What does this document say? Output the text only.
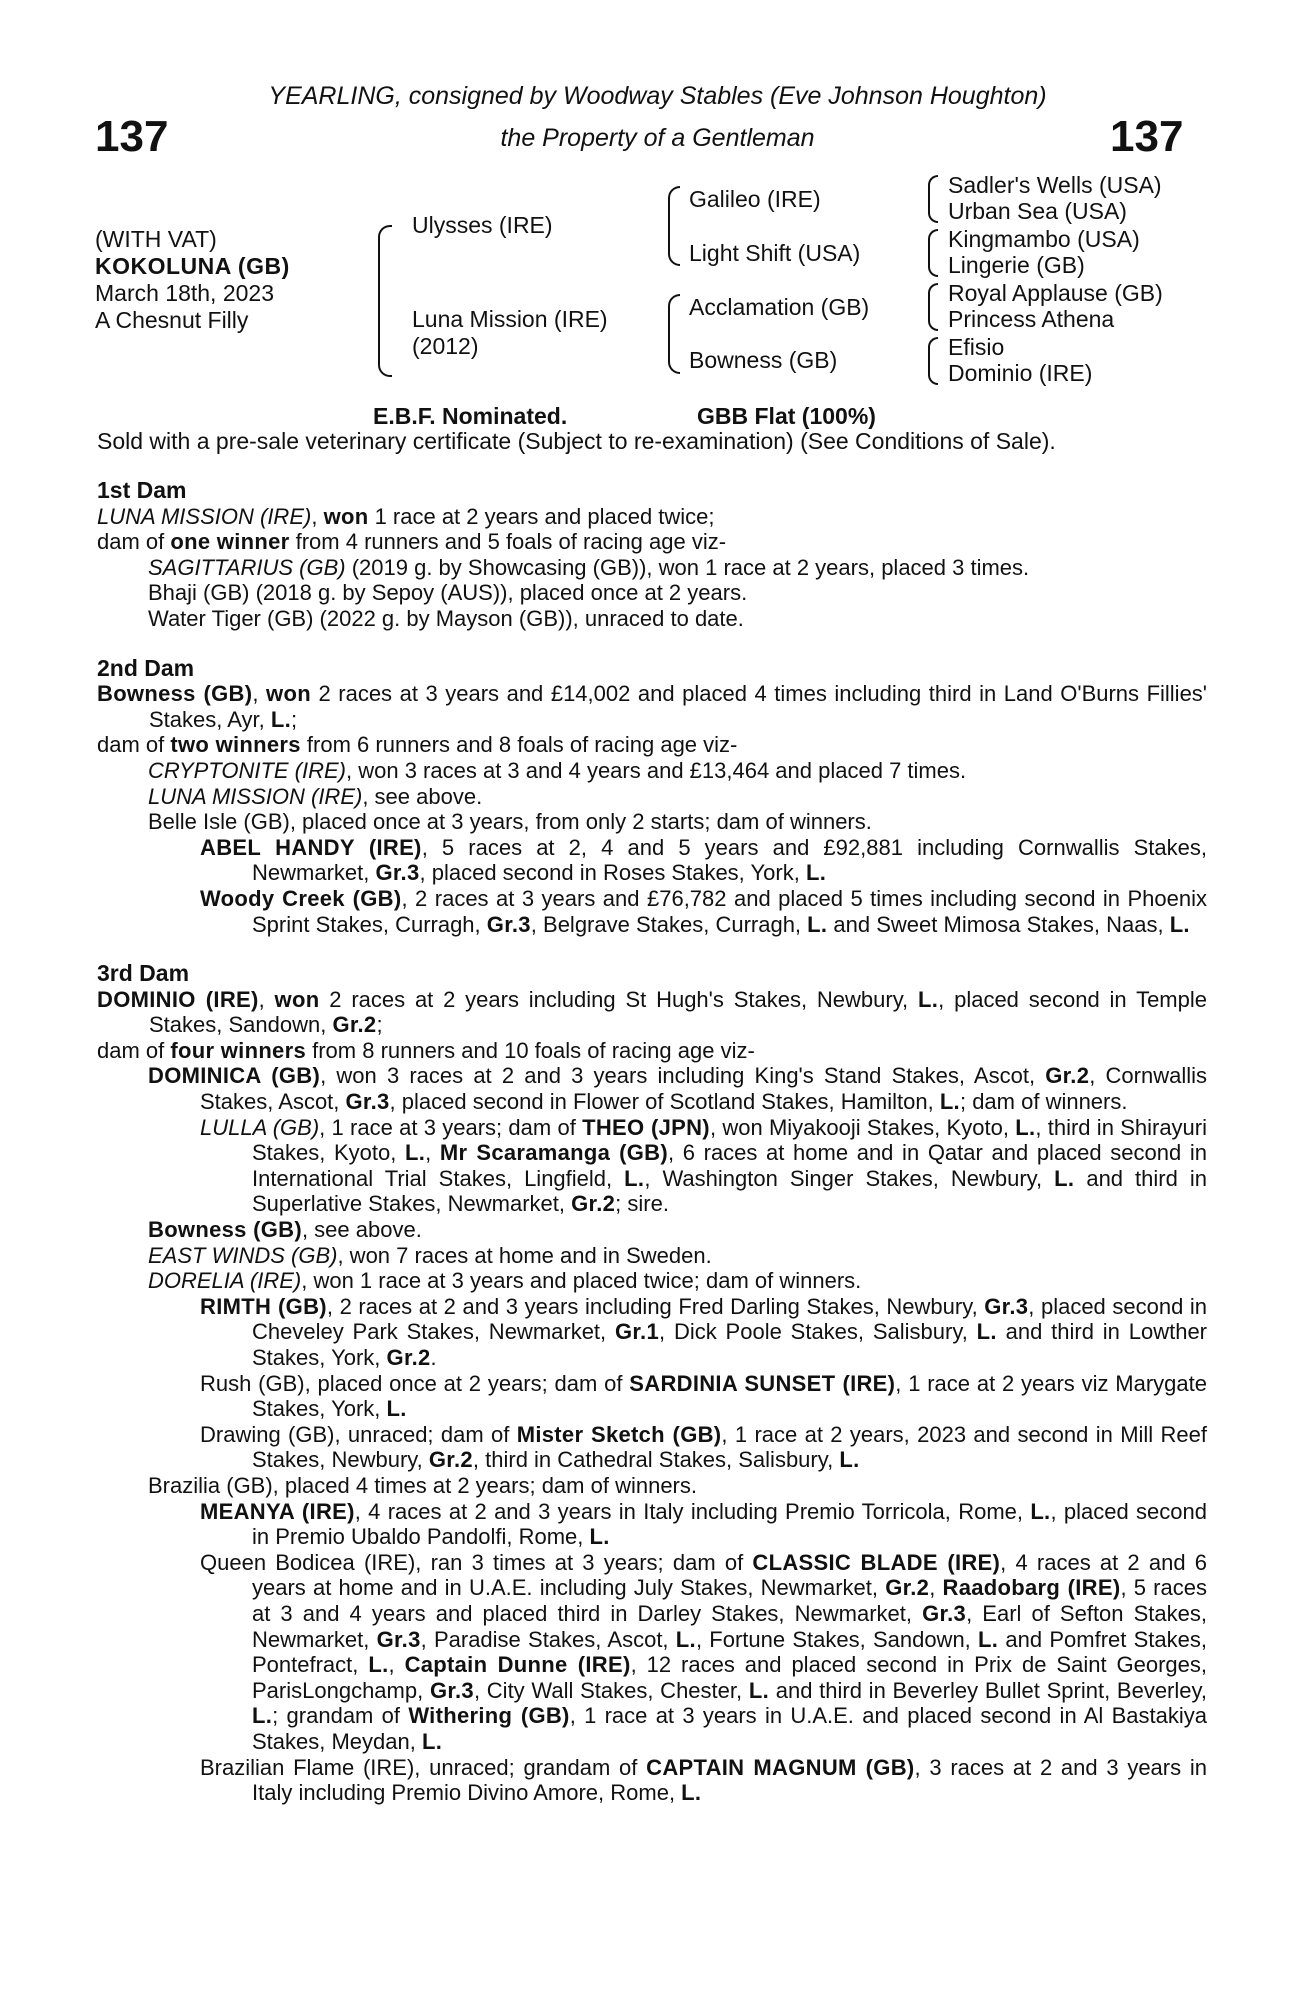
137	137
YEARLING, consigned by Woodway Stables (Eve Johnson Houghton)
the Property of a Gentleman
(WITH VAT)
KOKOLUNA (GB)
March 18th, 2023
A Chesnut Filly
Ulysses (IRE)
Luna Mission (IRE)
(2012)
Galileo (IRE)
Light Shift (USA)
Acclamation (GB)
Bowness (GB)
Sadler's Wells (USA)
Urban Sea (USA)
Kingmambo (USA)
Lingerie (GB)
Royal Applause (GB)
Princess Athena
Efisio
Dominio (IRE)
E.B.F. Nominated.	GBB Flat (100%)
Sold with a pre-sale veterinary certificate (Subject to re-examination) (See Conditions of Sale).
1st Dam
LUNA MISSION (IRE), won 1 race at 2 years and placed twice;
dam of one winner from 4 runners and 5 foals of racing age viz-
SAGITTARIUS (GB) (2019 g. by Showcasing (GB)), won 1 race at 2 years, placed 3 times.
Bhaji (GB) (2018 g. by Sepoy (AUS)), placed once at 2 years.
Water Tiger (GB) (2022 g. by Mayson (GB)), unraced to date.
2nd Dam
Bowness (GB), won 2 races at 3 years and £14,002 and placed 4 times including third in Land O'Burns Fillies' Stakes, Ayr, L.;
dam of two winners from 6 runners and 8 foals of racing age viz-
CRYPTONITE (IRE), won 3 races at 3 and 4 years and £13,464 and placed 7 times.
LUNA MISSION (IRE), see above.
Belle Isle (GB), placed once at 3 years, from only 2 starts; dam of winners.
ABEL HANDY (IRE), 5 races at 2, 4 and 5 years and £92,881 including Cornwallis Stakes, Newmarket, Gr.3, placed second in Roses Stakes, York, L.
Woody Creek (GB), 2 races at 3 years and £76,782 and placed 5 times including second in Phoenix Sprint Stakes, Curragh, Gr.3, Belgrave Stakes, Curragh, L. and Sweet Mimosa Stakes, Naas, L.
3rd Dam
DOMINIO (IRE), won 2 races at 2 years including St Hugh's Stakes, Newbury, L., placed second in Temple Stakes, Sandown, Gr.2;
dam of four winners from 8 runners and 10 foals of racing age viz-
DOMINICA (GB), won 3 races at 2 and 3 years including King's Stand Stakes, Ascot, Gr.2, Cornwallis Stakes, Ascot, Gr.3, placed second in Flower of Scotland Stakes, Hamilton, L.; dam of winners.
LULLA (GB), 1 race at 3 years; dam of THEO (JPN), won Miyakooji Stakes, Kyoto, L., third in Shirayuri Stakes, Kyoto, L., Mr Scaramanga (GB), 6 races at home and in Qatar and placed second in International Trial Stakes, Lingfield, L., Washington Singer Stakes, Newbury, L. and third in Superlative Stakes, Newmarket, Gr.2; sire.
Bowness (GB), see above.
EAST WINDS (GB), won 7 races at home and in Sweden.
DORELIA (IRE), won 1 race at 3 years and placed twice; dam of winners.
RIMTH (GB), 2 races at 2 and 3 years including Fred Darling Stakes, Newbury, Gr.3, placed second in Cheveley Park Stakes, Newmarket, Gr.1, Dick Poole Stakes, Salisbury, L. and third in Lowther Stakes, York, Gr.2.
Rush (GB), placed once at 2 years; dam of SARDINIA SUNSET (IRE), 1 race at 2 years viz Marygate Stakes, York, L.
Drawing (GB), unraced; dam of Mister Sketch (GB), 1 race at 2 years, 2023 and second in Mill Reef Stakes, Newbury, Gr.2, third in Cathedral Stakes, Salisbury, L.
Brazilia (GB), placed 4 times at 2 years; dam of winners.
MEANYA (IRE), 4 races at 2 and 3 years in Italy including Premio Torricola, Rome, L., placed second in Premio Ubaldo Pandolfi, Rome, L.
Queen Bodicea (IRE), ran 3 times at 3 years; dam of CLASSIC BLADE (IRE), 4 races at 2 and 6 years at home and in U.A.E. including July Stakes, Newmarket, Gr.2, Raadobarg (IRE), 5 races at 3 and 4 years and placed third in Darley Stakes, Newmarket, Gr.3, Earl of Sefton Stakes, Newmarket, Gr.3, Paradise Stakes, Ascot, L., Fortune Stakes, Sandown, L. and Pomfret Stakes, Pontefract, L., Captain Dunne (IRE), 12 races and placed second in Prix de Saint Georges, ParisLongchamp, Gr.3, City Wall Stakes, Chester, L. and third in Beverley Bullet Sprint, Beverley, L.; grandam of Withering (GB), 1 race at 3 years in U.A.E. and placed second in Al Bastakiya Stakes, Meydan, L.
Brazilian Flame (IRE), unraced; grandam of CAPTAIN MAGNUM (GB), 3 races at 2 and 3 years in Italy including Premio Divino Amore, Rome, L.
